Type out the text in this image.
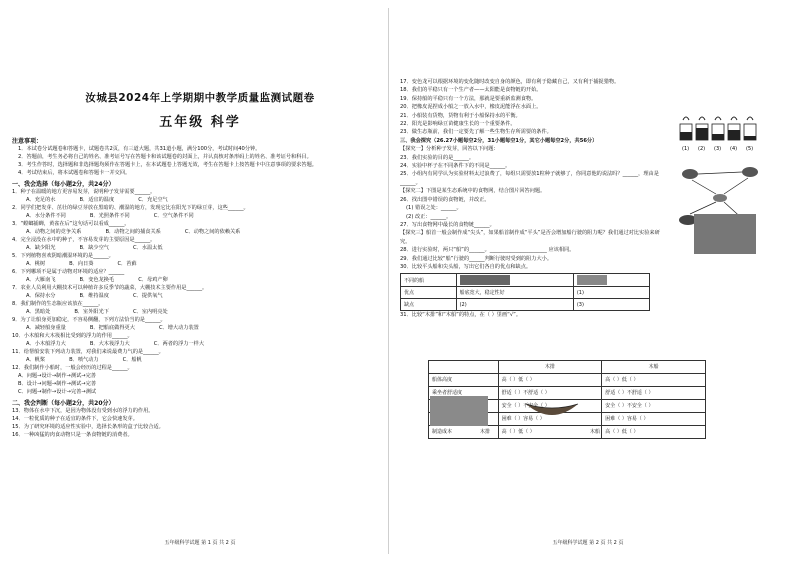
汝城县2024年上学期期中教学质量监测试题卷
五年级 科学
注意事项：
1．本试卷分试题卷和答题卡，试题卷共2页，有三道大题，共31道小题，满分100分，考试时间40分钟。
2．答题前，考生务必将自己的姓名、准考证号写在答题卡和该试题卷的封面上，并认真核对条形码上的姓名、准考证号和科目。
3．考生作答时，选择题和非选择题均须作在答题卡上，在本试题卷上答题无效，考生在答题卡上按答题卡中注意事项的要求答题。
4．考试结束后，将本试题卷和答题卡一并交回。
一、我会选择（每小题2分，共24分）
1．种子在温暖的地方更容易发芽，说明种子发芽需要______。
A．充足的水	B．适宜的温度	C．充足空气
2．同学们把发芽、茁壮的绿豆芽放在黑暗的、潮湿的地方，发现它比在阳光下的绿豆芽，这些______。
A．水分条件不同	B．光照条件不同	C．空气条件不同
3．“螳螂捕蝉，黄雀在后”这句话可以看成______。
A．动物之间的竞争关系	B．动物之间的捕食关系	C．动物之间的依赖关系
4．完全浸没在水中的种子，不容易发芽的主要原因是______。
A．缺少阳光	B．缺少空气	C．水温太低
5．下列植物喜欢阴暗潮湿环境的是______。
A．桃树	B．向日葵	C．苔藓
6．下列哪项不是属于动物对环境的适应？______
A．大雁南飞	B．变色龙换毛	C．母鸡产卵
7．农业人员利用大棚技术可以种植许多反季节的蔬菜，大棚技术主要作用是______。
A．保持水分	B．维持温度	C．提供氧气
8．我们制作的生态瓶应该放在______。
A．黑暗处	B．室外阳光下	C．室内明亮处
9．为了让船身更加稳定，不容易侧翻，下列方法恰当的是______。
A．减轻船身重量	B．把船底做得更大	C．增大动力装置
10．小木船和大木筏相比受到的浮力的作用______。
A．小木船浮力大	B．大木筏浮力大	C．两者的浮力一样大
11．给帮船安装下列动力装置，对我们来说最费力气的是______。
A．帆桨	B．喷气动力	C．船帆
12．我们制作小船时，一般会经历的过程是______。
A．问题→设计→制作→测试→完善
B．设计→问题→制作→测试→完善
C．问题→制作→设计→完善→测试
二、我会判断（每小题2分，共20分）
13．物体在水中下沉，是因为物体没有受到水的浮力的作用。
14．一粒优质的种子在适宜的条件下，它会快速发芽。
15．为了研究环境的适应性实验中，选择长条形的盒子比较合适。
16．一种凶猛的肉食动物只是一条食物链的消费者。
五年级科学试题 第 1 页 共 2 页
17．变色龙可以根据环境的变化随时改变自身的颜色，即有利于隐藏自己，又有利于捕捉猎物。
18．我们的平稳只有一个生产者——太阳能是食物链的开始。
19．保持船的平稳只有一个方法，那就是要重新监测食物。
20．把橡皮泥捏成小船之一放入水中，橡皮泥能浮在水面上。
21．小船装有货物，货物有利于小船保持水的平衡。
22．阳光是影响绿豆苗健康生长的一个重要条件。
23．做生态瓶前，我们一定要先了解一些生物生存所需要的条件。
三、我会探究（26.27小题每空2分，31小题每空1分，其它小题每空2分，共56分）
【探究一】分析种子发芽，回答以下问题：
23．我们实验的目的是______。
24．实验中杯子在不同条件下的不同是______。
25．小组内有同学认为实验材料太过浪费了，每组只需要放1粒种子就够了，你同意他的说法吗？______，理由是______。
【探究二】下图是某生态系统中的食物网，结合图片回答问题。
26．找出图中错误的食物链，并改正。
(1) 错误之处：______。
(2) 改正：______。
27．写出食物网中最长的食物链______。
【探究三】船首一般会制作成“尖头”，如果船首制作成“平头”是否会增加船行驶的阻力呢？我们通过对比实验来研究。
28．进行实验时，两只“船”的______。______________________ 应该相同。
29．我们通过比较“船”行驶的______判断行驶时受到的阻力大小。
30．比较平头船和尖头船，写出它们各自的优点和缺点。
不同的船		
优点	船底宽大，稳定性好	(1)
缺点	(2)	(3)
31．比较“木排”和“木船”的特点，在（ ）里画“√”。
	木排	木船
船体高度	高（ ）低（ ）	高（ ）低（ ）
乘坐者舒适度	舒适（ ）不舒适（ ）	舒适（ ）不舒适（ ）
	安全（ ）不安全（ ）	安全（ ）不安全（ ）
	困难（ ）容易（ ）	困难（ ）容易（ ）
制造成本	高（ ）低（ ）	高（ ）低（ ）
(1) (2) (3) (4) (5)
木排	木船
五年级科学试题 第 2 页 共 2 页
